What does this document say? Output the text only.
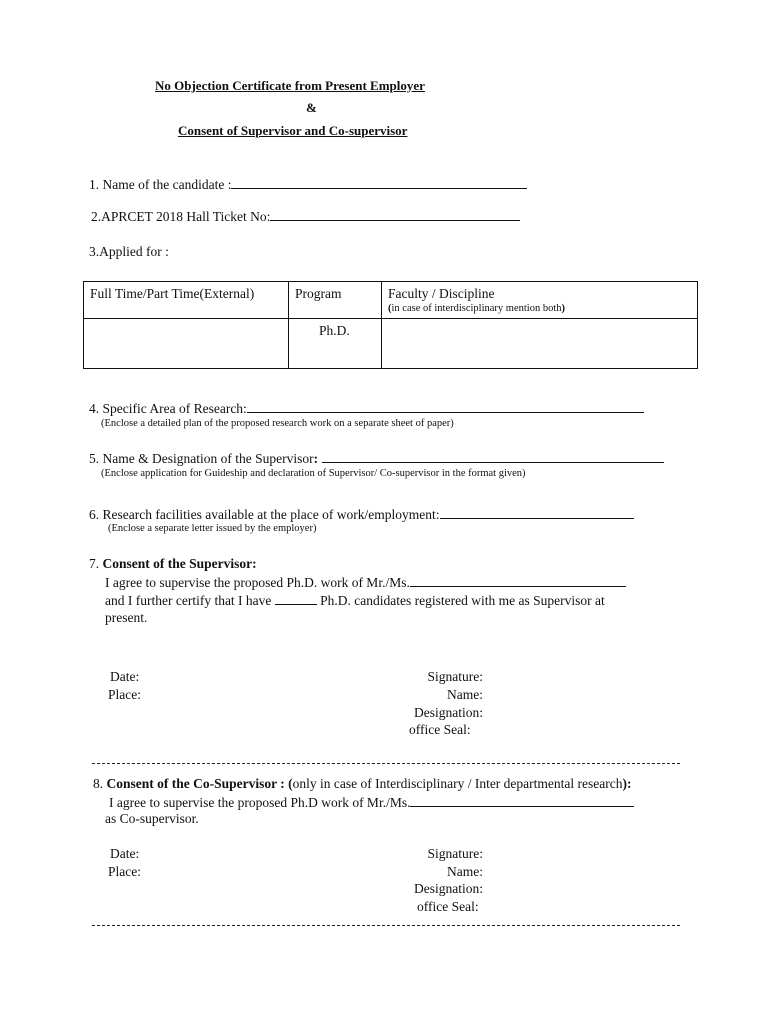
No Objection Certificate from Present Employer
&
Consent of Supervisor and Co-supervisor
1. Name of the candidate :
2.APRCET 2018 Hall Ticket No:
3.Applied for :
Full Time/Part Time(External)	Program	Faculty / Discipline
(in case of interdisciplinary mention both)

	Ph.D.	
4. Specific Area of Research:
(Enclose a detailed plan of the proposed research work on a separate sheet of paper)
5. Name & Designation of the Supervisor:
(Enclose application for Guideship and declaration of Supervisor/ Co-supervisor in the format given)
6. Research facilities available at the place of work/employment:
(Enclose a separate letter issued by the employer)
7. Consent of the Supervisor:
I agree to supervise the proposed Ph.D. work of Mr./Ms.
and I further certify that I have	Ph.D. candidates registered with me as Supervisor at
present.
Date:
Place:
Signature:
Name:
Designation:
office Seal:
8. Consent of the Co-Supervisor : (only in case of Interdisciplinary / Inter departmental research):
I agree to supervise the proposed Ph.D work of Mr./Ms.
as Co-supervisor.
Date:
Place:
Signature:
Name:
Designation:
office Seal:
